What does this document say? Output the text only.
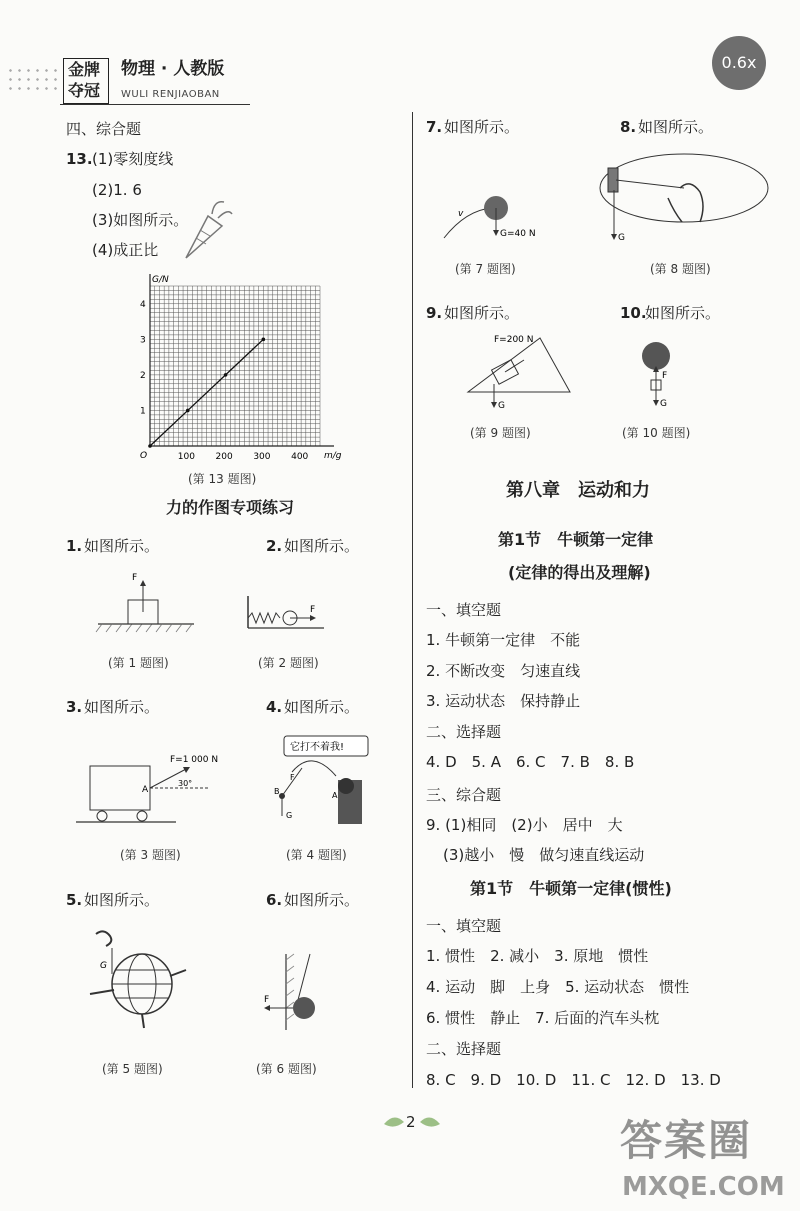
金牌
夺冠
物理 · 人教版
WULI RENJIAOBAN
0.6x
四、综合题
13. (1)零刻度线
(2)1. 6
(3)如图所示。
(4)成正比
100 200 300 400
1
2
3
4
O	m/g
G/N
(第 13 题图)
力的作图专项练习
1. 如图所示。	2. 如图所示。
F
F
(第 1 题图)	(第 2 题图)
3. 如图所示。	4. 如图所示。
A
F=1 000 N
30°
它打不着我!
G
B
F
A
(第 3 题图)	(第 4 题图)
5. 如图所示。	6. 如图所示。
G
F
(第 5 题图)	(第 6 题图)
7. 如图所示。	8. 如图所示。
v
G=40 N	G
(第 7 题图)	(第 8 题图)
9. 如图所示。	10.
如图所示。
F=200 N
G
F
G
(第 9 题图)	(第 10 题图)
第八章　运动和力
第1节　牛顿第一定律
(定律的得出及理解)
一、填空题
1. 牛顿第一定律　不能
2. 不断改变　匀速直线
3. 运动状态　保持静止
二、选择题
4. D　5. A　6. C　7. B　8. B
三、综合题
9. (1)相同　(2)小　居中　大
(3)越小　慢　做匀速直线运动
第1节　牛顿第一定律(惯性)
一、填空题
1. 惯性　2. 减小　3. 原地　惯性
4. 运动　脚　上身　5. 运动状态　惯性
6. 惯性　静止　7. 后面的汽车头枕
二、选择题
8. C　9. D　10. D　11. C　12. D　13. D
2	答案圈
MXQE.COM
